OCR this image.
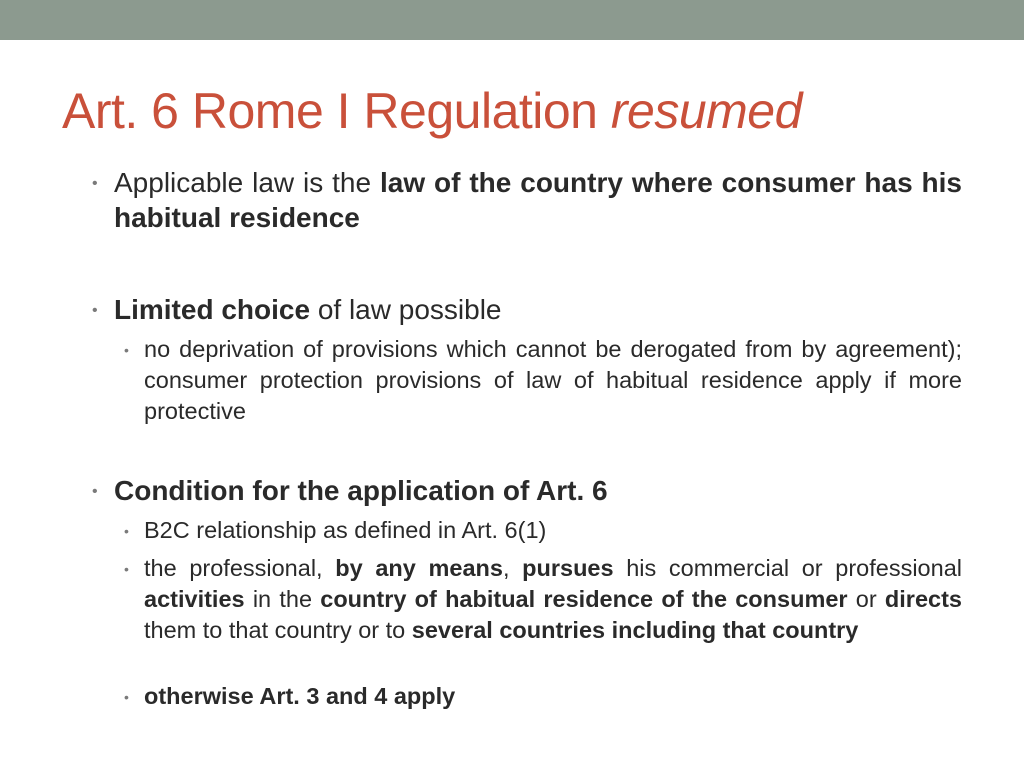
Art. 6 Rome I Regulation resumed
• Applicable law is the law of the country where consumer has his habitual residence
• Limited choice of law possible
• no deprivation of provisions which cannot be derogated from by agreement); consumer protection provisions of law of habitual residence apply if more protective
• Condition for the application of Art. 6
• B2C relationship as defined in Art. 6(1)
• the professional, by any means, pursues his commercial or professional activities in the country of habitual residence of the consumer or directs them to that country or to several countries including that country
• otherwise Art. 3 and 4 apply
